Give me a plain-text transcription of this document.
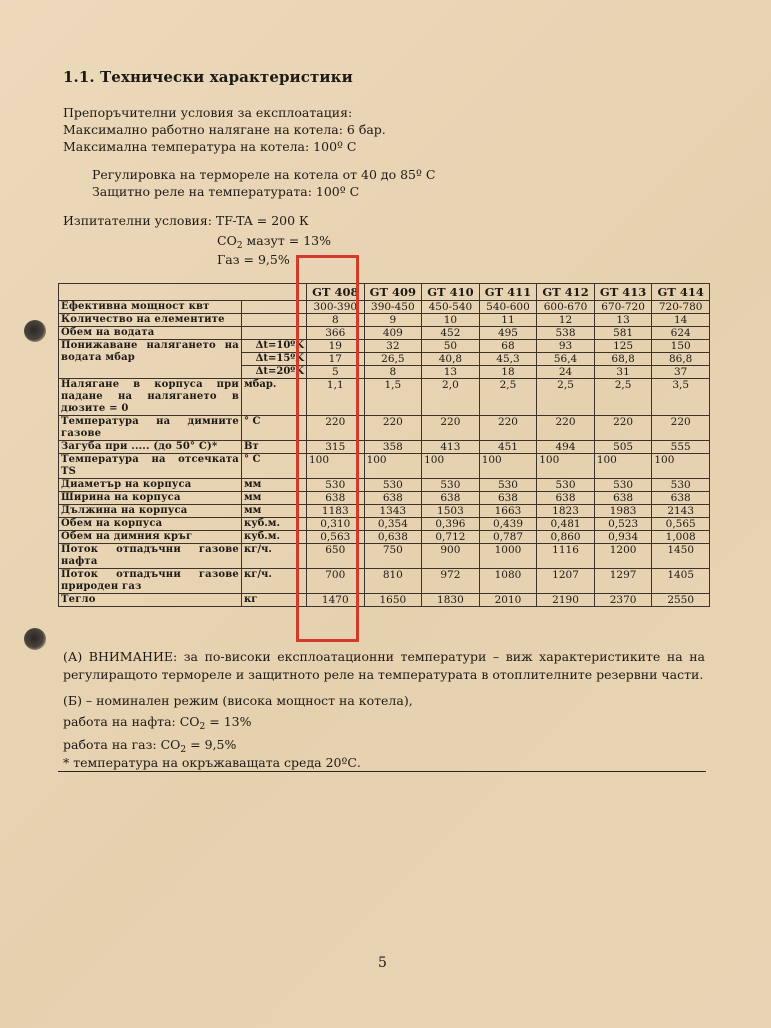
1.1. Технически характеристики
Препоръчителни условия за експлоатация:
Максимално работно налягане на котела: 6 бар.
Максимална температура на котела: 100º С
Регулировка на термореле на котела от 40 до 85º С
Защитно реле на температурата: 100º С
Изпитателни условия: TF-TA = 200 К
$CO_2$ мазут = 13%
Газ = 9,5%
		GT 408	GT 409	GT 410	GT 411	GT 412	GT 413	GT 414
Ефективна мощност квт		300-390	390-450	450-540	540-600	600-670	670-720	720-780
Количество на елементите		8	9	10	11	12	13	14
Обем на водата		366	409	452	495	538	581	624
Понижаване налягането на водата мбар	Δt=10ºK	19	32	50	68	93	125	150
	Δt=15ºK	17	26,5	40,8	45,3	56,4	68,8	86,8
	Δt=20ºK	5	8	13	18	24	31	37
Налягане в корпуса при падане на налягането в дюзите = 0	мбар.	1,1	1,5	2,0	2,5	2,5	2,5	3,5
Температура на димните газове	° С	220	220	220	220	220	220	220
Загуба при ..... (до 50° С)*	Вт	315	358	413	451	494	505	555
Температура на отсечката TS	° С	100	100	100	100	100	100	100
Диаметър на корпуса	мм	530	530	530	530	530	530	530
Ширина на корпуса	мм	638	638	638	638	638	638	638
Дължина на корпуса	мм	1183	1343	1503	1663	1823	1983	2143
Обем на корпуса	куб.м.	0,310	0,354	0,396	0,439	0,481	0,523	0,565
Обем на димния кръг	куб.м.	0,563	0,638	0,712	0,787	0,860	0,934	1,008
Поток отпадъчни газове нафта	кг/ч.	650	750	900	1000	1116	1200	1450
Поток отпадъчни газове природен газ	кг/ч.	700	810	972	1080	1207	1297	1405
Тегло	кг	1470	1650	1830	2010	2190	2370	2550
(А) ВНИМАНИЕ: за по-високи експлоатационни температури – виж характеристиките на на регулиращото термореле и защитното реле на температурата в отоплителните резервни части.
(Б) – номинален режим (висока мощност на котела),
работа на нафта: $СО_2 = 13\%$
работа на газ: $СО_2 = 9,5\%$
* температура на окръжаващата среда 20ºС.
5
